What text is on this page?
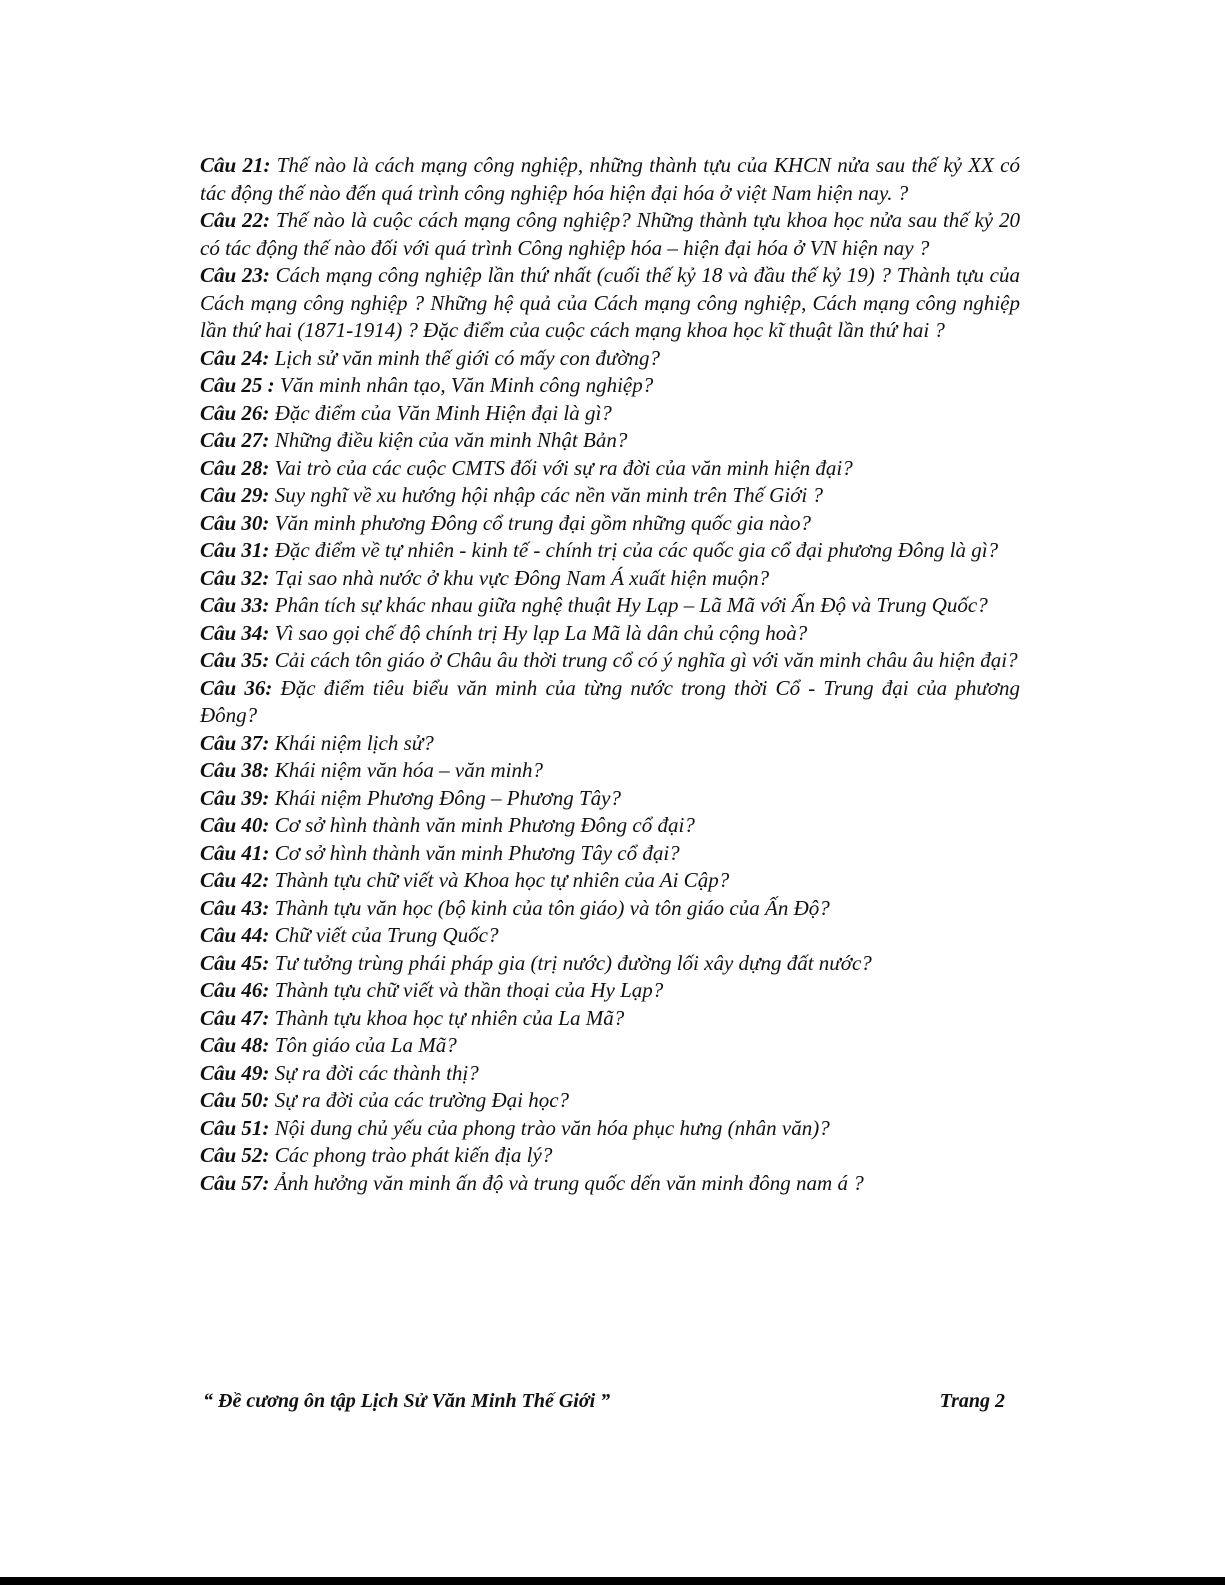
Câu 21: Thế nào là cách mạng công nghiệp, những thành tựu của KHCN nửa sau thế kỷ XX có tác động thế nào đến quá trình công nghiệp hóa hiện đại hóa ở việt Nam hiện nay. ?

Câu 22: Thế nào là cuộc cách mạng công nghiệp? Những thành tựu khoa học nửa sau thế kỷ 20 có tác động thế nào đối với quá trình Công nghiệp hóa – hiện đại hóa ở VN hiện nay ?

Câu 23: Cách mạng công nghiệp lần thứ nhất (cuối thế kỷ 18 và đầu thế kỷ 19) ? Thành tựu của Cách mạng công nghiệp ? Những hệ quả của Cách mạng công nghiệp, Cách mạng công nghiệp lần thứ hai (1871-1914) ? Đặc điểm của cuộc cách mạng khoa học kĩ thuật lần thứ hai ?

Câu 24: Lịch sử văn minh thế giới có mấy con đường?

Câu 25 : Văn minh nhân tạo, Văn Minh công nghiệp?

Câu 26: Đặc điểm của Văn Minh Hiện đại là gì?

Câu 27: Những điều kiện của văn minh Nhật Bản?

Câu 28: Vai trò của các cuộc CMTS đối với sự ra đời của văn minh hiện đại?

Câu 29: Suy nghĩ về xu hướng hội nhập các nền văn minh trên Thế Giới ?

Câu 30: Văn minh phương Đông cổ trung đại gồm những quốc gia nào?

Câu 31: Đặc điểm về tự nhiên - kinh tế - chính trị của các quốc gia cổ đại phương Đông là gì?

Câu 32: Tại sao nhà nước ở khu vực Đông Nam Á xuất hiện muộn?

Câu 33: Phân tích sự khác nhau giữa nghệ thuật Hy Lạp – Lã Mã với Ấn Độ và Trung Quốc?

Câu 34: Vì sao gọi chế độ chính trị Hy lạp La Mã là dân chủ cộng hoà?

Câu 35: Cải cách tôn giáo ở Châu âu thời trung cổ có ý nghĩa gì với văn minh châu âu hiện đại?

Câu 36: Đặc điểm tiêu biểu văn minh của từng nước trong thời Cổ - Trung đại của phương Đông?

Câu 37: Khái niệm lịch sử?

Câu 38: Khái niệm văn hóa – văn minh?

Câu 39: Khái niệm Phương Đông – Phương Tây?

Câu 40: Cơ sở hình thành văn minh Phương Đông cổ đại?

Câu 41: Cơ sở hình thành văn minh Phương Tây cổ đại?

Câu 42: Thành tựu chữ viết và Khoa học tự nhiên của Ai Cập?

Câu 43: Thành tựu văn học (bộ kinh của tôn giáo) và tôn giáo của Ấn Độ?

Câu 44: Chữ viết của Trung Quốc?

Câu 45: Tư tưởng trùng phái pháp gia (trị nước) đường lối xây dựng đất nước?

Câu 46: Thành tựu chữ viết và thần thoại của Hy Lạp?

Câu 47: Thành tựu khoa học tự nhiên của La Mã?

Câu 48: Tôn giáo của La Mã?

Câu 49: Sự ra đời các thành thị?

Câu 50: Sự ra đời của các trường Đại học?

Câu 51: Nội dung chủ yếu của phong trào văn hóa phục hưng (nhân văn)?

Câu 52: Các phong trào phát kiến địa lý?

Câu 57: Ảnh hưởng văn minh ấn độ và trung quốc dến văn minh đông nam á ?

“ Đề cương ôn tập Lịch Sử Văn Minh Thế Giới ”	Trang 2
